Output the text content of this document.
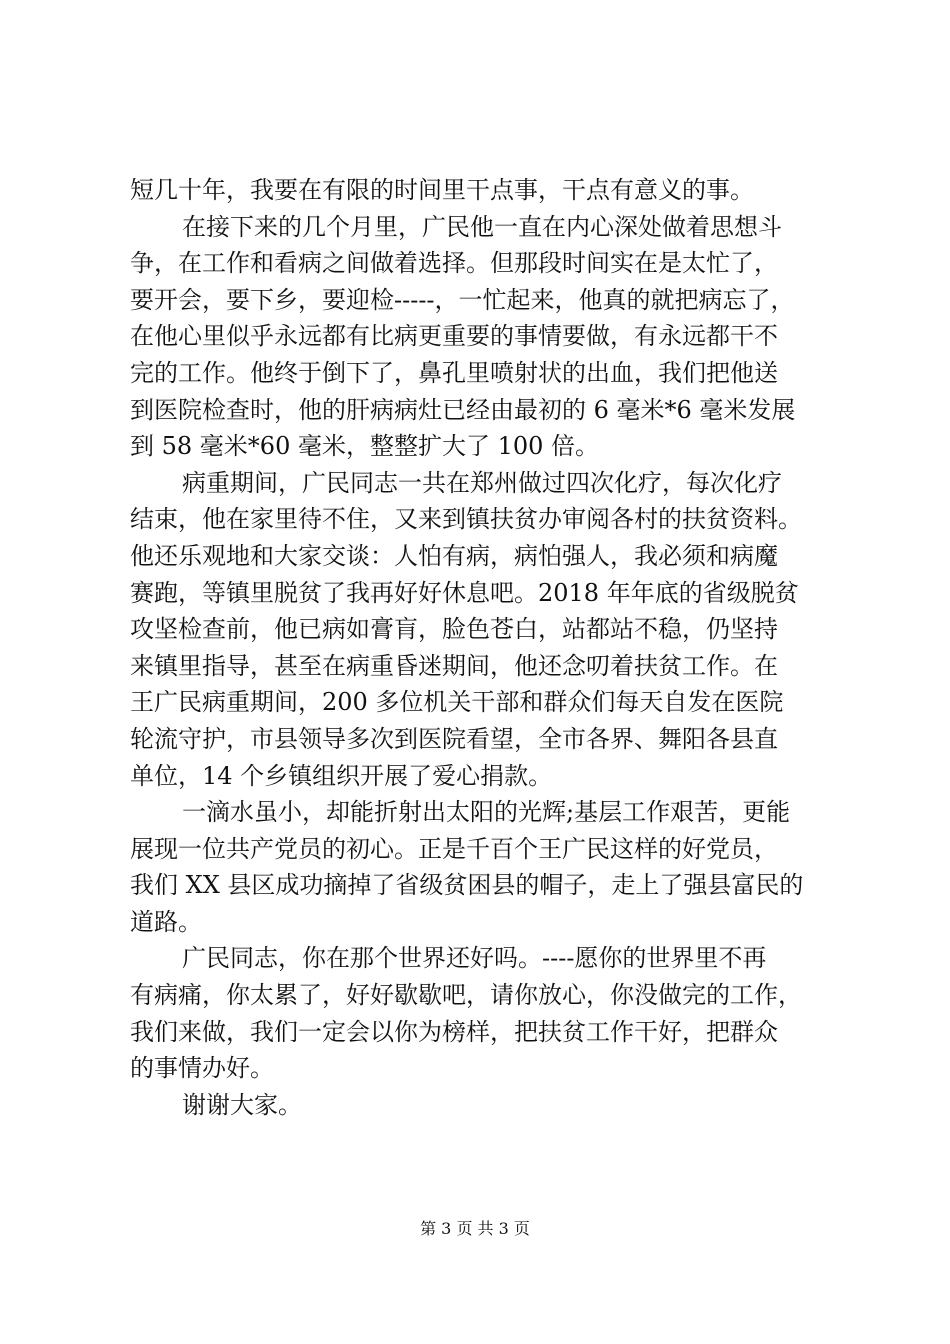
短几十年，我要在有限的时间里干点事，干点有意义的事。
在接下来的几个月里，广民他一直在内心深处做着思想斗
争，在工作和看病之间做着选择。但那段时间实在是太忙了，
要开会，要下乡，要迎检-----，一忙起来，他真的就把病忘了，
在他心里似乎永远都有比病更重要的事情要做，有永远都干不
完的工作。他终于倒下了，鼻孔里喷射状的出血，我们把他送
到医院检查时，他的肝病病灶已经由最初的 6 毫米*6 毫米发展
到 58 毫米*60 毫米，整整扩大了 100 倍。
病重期间，广民同志一共在郑州做过四次化疗，每次化疗
结束，他在家里待不住，又来到镇扶贫办审阅各村的扶贫资料。
他还乐观地和大家交谈：人怕有病，病怕强人，我必须和病魔
赛跑，等镇里脱贫了我再好好休息吧。2018 年年底的省级脱贫
攻坚检查前，他已病如膏肓，脸色苍白，站都站不稳，仍坚持
来镇里指导，甚至在病重昏迷期间，他还念叨着扶贫工作。在
王广民病重期间，200 多位机关干部和群众们每天自发在医院
轮流守护，市县领导多次到医院看望，全市各界、舞阳各县直
单位，14 个乡镇组织开展了爱心捐款。
一滴水虽小，却能折射出太阳的光辉;基层工作艰苦，更能
展现一位共产党员的初心。正是千百个王广民这样的好党员，
我们 XX 县区成功摘掉了省级贫困县的帽子，走上了强县富民的
道路。
广民同志，你在那个世界还好吗。----愿你的世界里不再
有病痛，你太累了，好好歇歇吧，请你放心，你没做完的工作，
我们来做，我们一定会以你为榜样，把扶贫工作干好，把群众
的事情办好。
谢谢大家。
第 3 页 共 3 页
